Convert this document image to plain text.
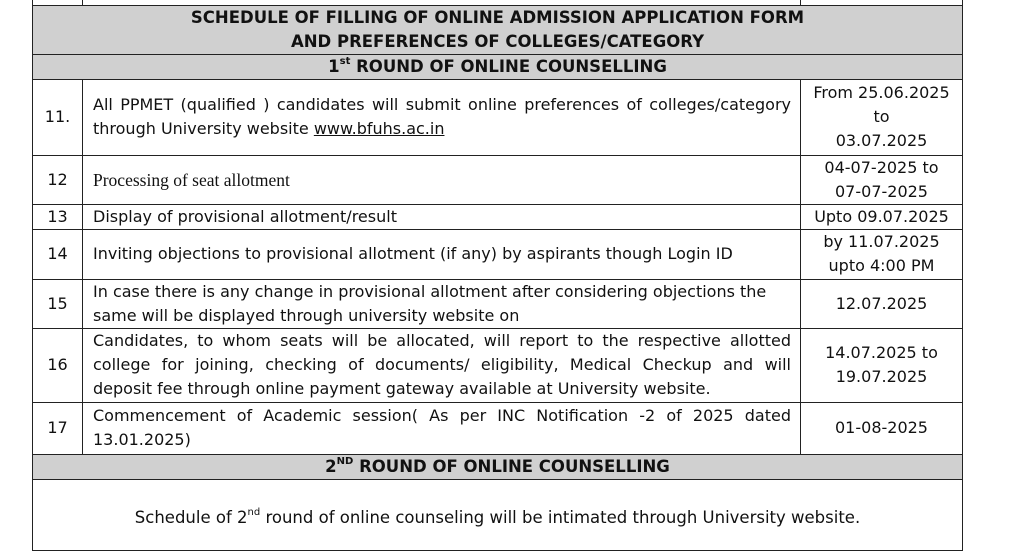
SCHEDULE OF FILLING OF ONLINE ADMISSION APPLICATION FORM
AND PREFERENCES OF COLLEGES/CATEGORY		

1st ROUND OF ONLINE COUNSELLING		
11.	All PPMET (qualified ) candidates will submit online preferences of colleges/category through University website www.bfuhs.ac.in	From 25.06.2025
to
03.07.2025

12	Processing of seat allotment	04-07-2025 to
07-07-2025

13	Display of provisional allotment/result	Upto 09.07.2025

14	Inviting objections to provisional allotment (if any) by aspirants though Login ID	by 11.07.2025
upto 4:00 PM

15	In case there is any change in provisional allotment after considering objections the same will be displayed through university website on	12.07.2025

16	Candidates, to whom seats will be allocated, will report to the respective allotted college for joining, checking of documents/ eligibility, Medical Checkup and will deposit fee through online payment gateway available at University website.	14.07.2025 to
19.07.2025

17	Commencement of Academic session( As per INC Notification -2 of 2025 dated 13.01.2025)	01-08-2025

2ND ROUND OF ONLINE COUNSELLING		
Schedule of 2nd round of online counseling will be intimated through University website.		
